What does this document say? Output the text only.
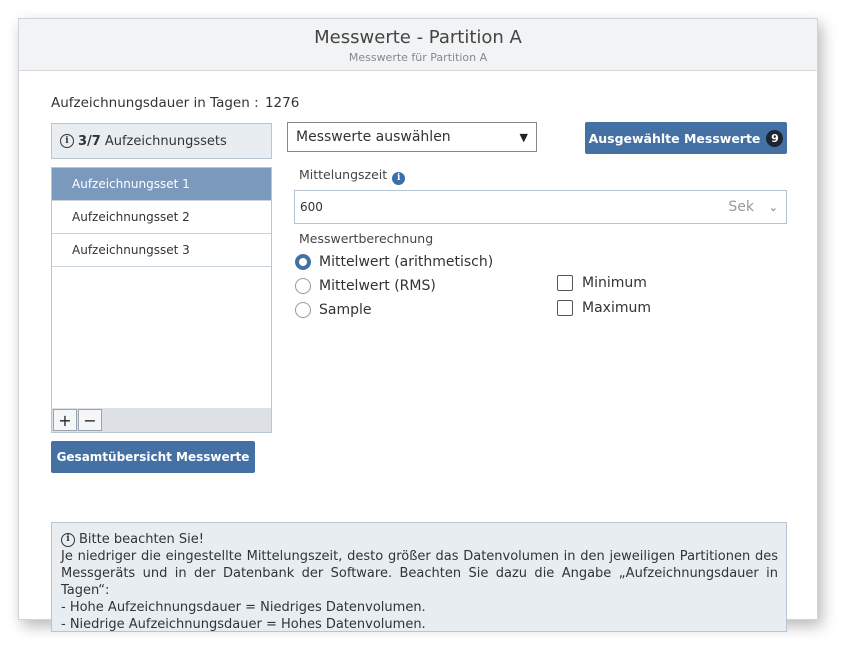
Messwerte - Partition A
Messwerte für Partition A
Aufzeichnungsdauer in Tagen : 1276
i 3/7 Aufzeichnungssets
Aufzeichnungsset 1
Aufzeichnungsset 2
Aufzeichnungsset 3
+ −
Gesamtübersicht Messwerte
Messwerte auswählen	▼	Ausgewählte Messwerte 9
Mittelungszeit i
600	Sek ⌄
Messwertberechnung
Mittelwert (arithmetisch)
Mittelwert (RMS)
Sample
Minimum
Maximum
i Bitte beachten Sie!
Je niedriger die eingestellte Mittelungszeit, desto größer das Datenvolumen in den jeweiligen Partitionen des Messgeräts und in der Datenbank der Software. Beachten Sie dazu die Angabe „Aufzeichnungsdauer in Tagen“:
- Hohe Aufzeichnungsdauer = Niedriges Datenvolumen.
- Niedrige Aufzeichnungsdauer = Hohes Datenvolumen.
